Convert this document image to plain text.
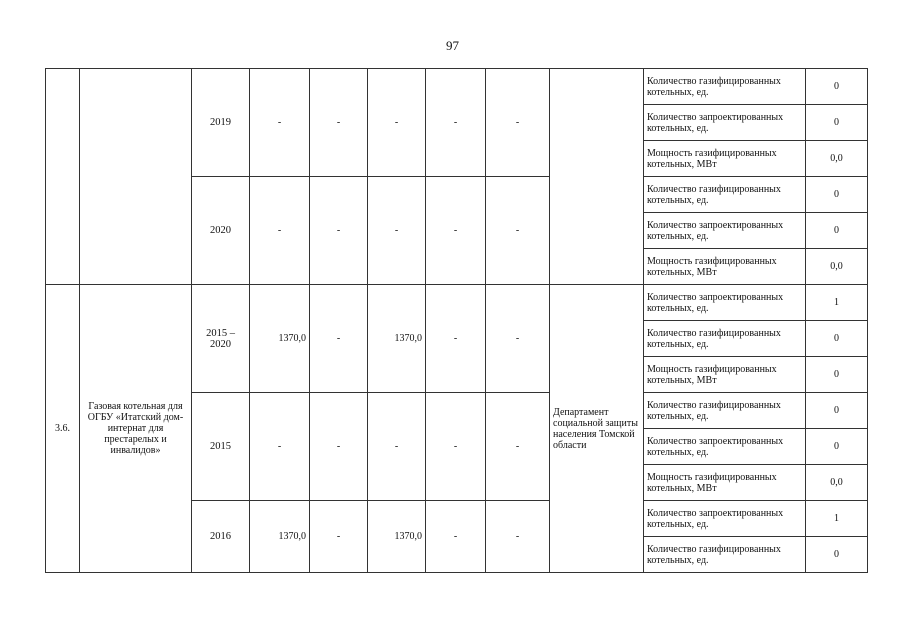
97
		2019	-	-	-	-	-		Количество газифицированных котельных, ед.	0
									Количество запроектированных котельных, ед.	0
									Мощность газифицированных котельных, МВт	0,0
		2020	-	-	-	-	-		Количество газифицированных котельных, ед.	0
									Количество запроектированных котельных, ед.	0
									Мощность газифицированных котельных, МВт	0,0
3.6.	Газовая котельная для ОГБУ «Итатский дом-интернат для престарелых и инвалидов»	2015 – 2020	1370,0	-	1370,0	-	-	Департамент социальной защиты населения Томской области	Количество запроектированных котельных, ед.	1
									Количество газифицированных котельных, ед.	0
									Мощность газифицированных котельных, МВт	0
		2015	-	-	-	-	-		Количество газифицированных котельных, ед.	0
									Количество запроектированных котельных, ед.	0
									Мощность газифицированных котельных, МВт	0,0
		2016	1370,0	-	1370,0	-	-		Количество запроектированных котельных, ед.	1
									Количество газифицированных котельных, ед.	0
